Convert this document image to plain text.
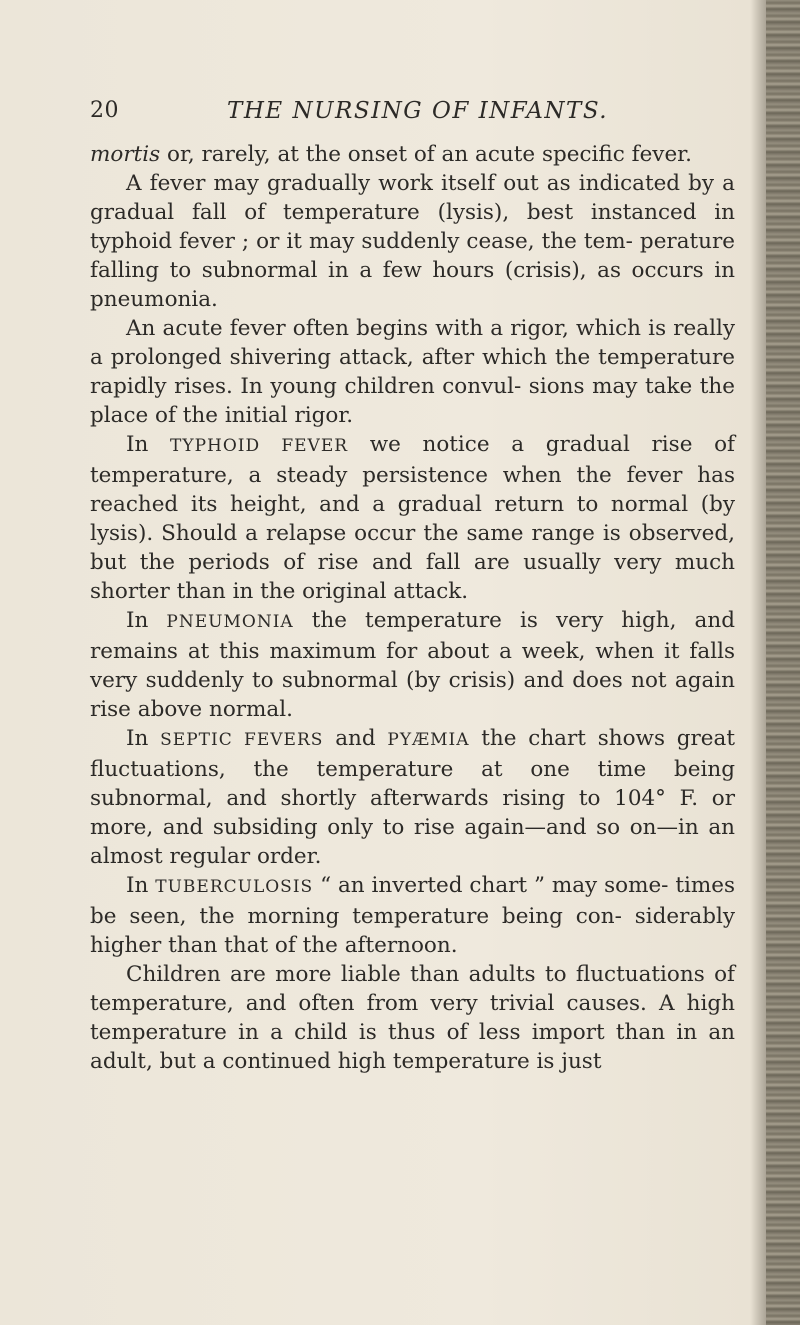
20	THE NURSING OF INFANTS.

mortis or, rarely, at the onset of an acute specific fever.

A fever may gradually work itself out as indicated by a gradual fall of temperature (lysis), best instanced in typhoid fever ; or it may suddenly cease, the tem- perature falling to subnormal in a few hours (crisis), as occurs in pneumonia.

An acute fever often begins with a rigor, which is really a prolonged shivering attack, after which the temperature rapidly rises. In young children convul- sions may take the place of the initial rigor.

In TYPHOID FEVER we notice a gradual rise of temperature, a steady persistence when the fever has reached its height, and a gradual return to normal (by lysis). Should a relapse occur the same range is observed, but the periods of rise and fall are usually very much shorter than in the original attack.

In PNEUMONIA the temperature is very high, and remains at this maximum for about a week, when it falls very suddenly to subnormal (by crisis) and does not again rise above normal.

In SEPTIC FEVERS and PYÆMIA the chart shows great fluctuations, the temperature at one time being subnormal, and shortly afterwards rising to 104° F. or more, and subsiding only to rise again—and so on—in an almost regular order.

In TUBERCULOSIS “ an inverted chart ” may some- times be seen, the morning temperature being con- siderably higher than that of the afternoon.

Children are more liable than adults to fluctuations of temperature, and often from very trivial causes. A high temperature in a child is thus of less import than in an adult, but a continued high temperature is just
